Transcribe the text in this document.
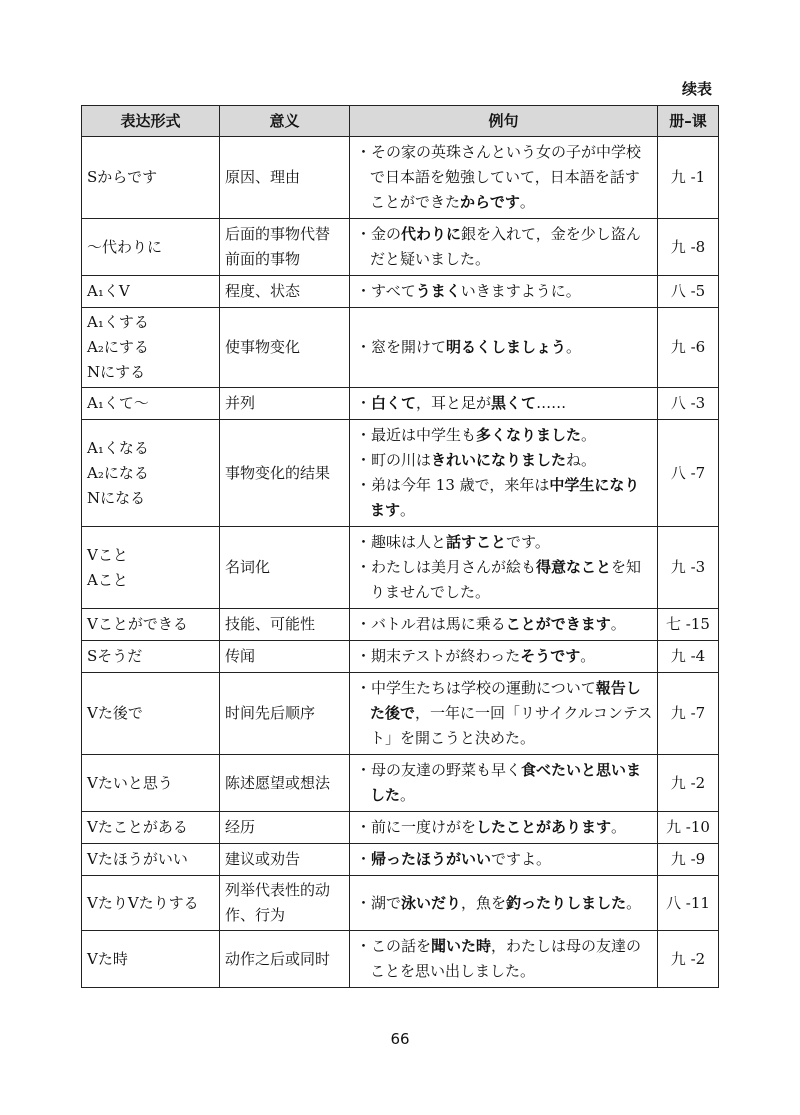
续表
表达形式	意义	例句	册–课

Sからです	原因、理由	・その家の英珠さんという女の子が中学校で日本語を勉強していて，日本語を話すことができたからです。	九 -1

～代わりに	后面的事物代替
前面的事物	・金の代わりに銀を入れて，金を少し盗んだと疑いました。	九 -8

A₁くV	程度、状态	・すべてうまくいきますように。	八 -5

A₁くする
A₂にする
Nにする	使事物变化	・窓を開けて明るくしましょう。	九 -6

A₁くて～	并列	・白くて，耳と足が黒くて……	八 -3

A₁くなる
A₂になる
Nになる	事物变化的结果	・最近は中学生も多くなりました。
・町の川はきれいになりましたね。
・弟は今年 13 歳で，来年は中学生になります。	八 -7

Vこと
Aこと	名词化	・趣味は人と話すことです。
・わたしは美月さんが絵も得意なことを知りませんでした。	九 -3

Vことができる	技能、可能性	・バトル君は馬に乗ることができます。	七 -15

Sそうだ	传闻	・期末テストが終わったそうです。	九 -4

Vた後で	时间先后顺序	・中学生たちは学校の運動について報告した後で，一年に一回「リサイクルコンテスト」を開こうと決めた。	九 -7

Vたいと思う	陈述愿望或想法	・母の友達の野菜も早く食べたいと思いました。	九 -2

Vたことがある	经历	・前に一度けがをしたことがあります。	九 -10

Vたほうがいい	建议或劝告	・帰ったほうがいいですよ。	九 -9

VたりVたりする	列举代表性的动
作、行为	・湖で泳いだり，魚を釣ったりしました。	八 -11

Vた時	动作之后或同时	・この話を聞いた時，わたしは母の友達のことを思い出しました。	九 -2
66
